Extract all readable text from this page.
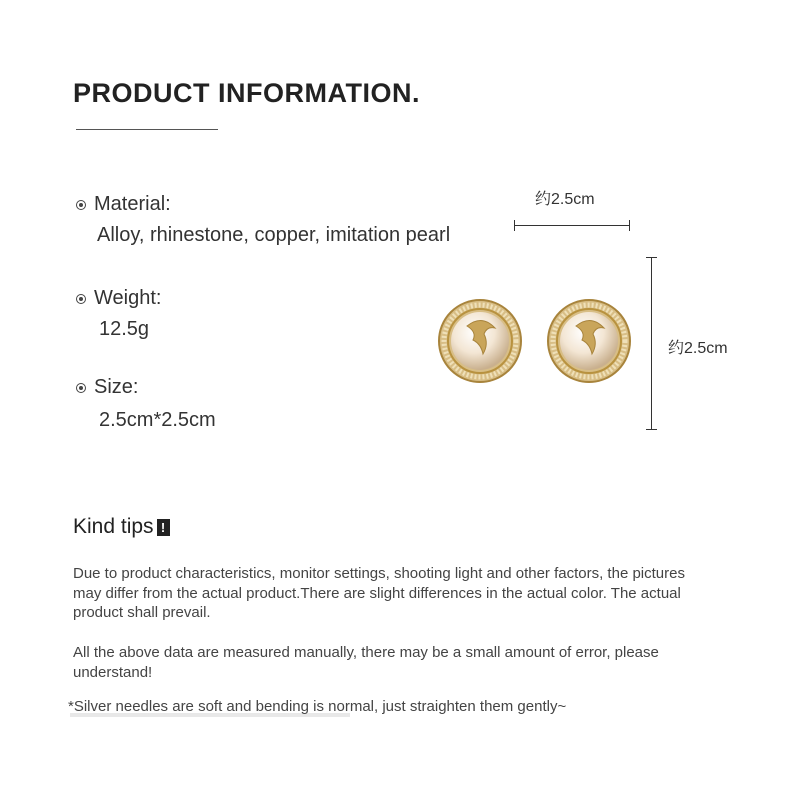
PRODUCT INFORMATION.
Material:
Alloy, rhinestone, copper, imitation pearl
Weight:
12.5g
Size:
2.5cm*2.5cm
约2.5cm
约2.5cm
Kind tips !
Due to product characteristics, monitor settings, shooting light and other factors, the pictures may differ from the actual product.There are slight differences in the actual color. The actual product shall prevail.
All the above data are measured manually, there may be a small amount of error, please understand!
*Silver needles are soft and bending is normal, just straighten them gently~
